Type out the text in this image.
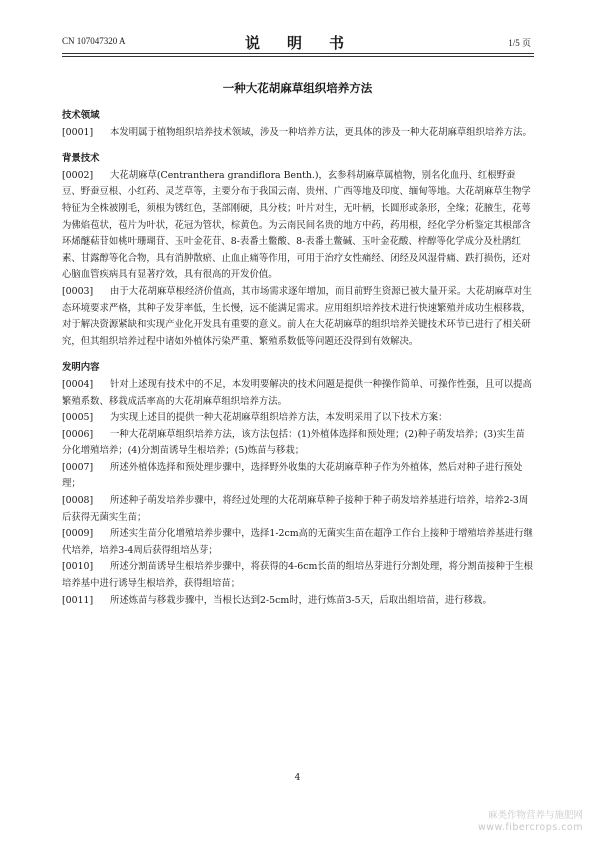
CN 107047320 A	说　明　书	1/5 页
一种大花胡麻草组织培养方法
技术领域

[0001] 本发明属于植物组织培养技术领域，涉及一种培养方法，更具体的涉及一种大花胡麻草组织培养方法。

背景技术

[0002] 大花胡麻草(Centranthera grandiflora Benth.)，玄参科胡麻草属植物，别名化血丹、红根野蚕豆、野蚕豆根、小红药、灵芝草等，主要分布于我国云南、贵州、广西等地及印度、缅甸等地。大花胡麻草生物学特征为全株被刚毛，须根为锈红色，茎部刚硬，具分枝；叶片对生，无叶柄，长圆形或条形，全缘；花腋生，花萼为佛焰苞状，苞片为叶状，花冠为管状，棕黄色。为云南民间名贵的地方中药，药用根，经化学分析鉴定其根部含环烯醚萜苷如桃叶珊瑚苷、玉叶金花苷、8-表番土鳖酸、8-表番土鳖碱、玉叶金花酸、梓醇等化学成分及杜鹃红素、甘露醇等化合物，具有消肿散瘀、止血止痛等作用，可用于治疗女性痛经、闭经及风湿骨痛、跌打损伤，还对心脑血管疾病具有显著疗效，具有很高的开发价值。

[0003] 由于大花胡麻草根经济价值高，其市场需求逐年增加，而目前野生资源已被大量开采。大花胡麻草对生态环境要求严格，其种子发芽率低，生长慢，远不能满足需求。应用组织培养技术进行快速繁殖并成功生根移栽，对于解决资源紧缺和实现产业化开发具有重要的意义。前人在大花胡麻草的组织培养关键技术环节已进行了相关研究，但其组织培养过程中诸如外植体污染严重、繁殖系数低等问题还没得到有效解决。

发明内容

[0004] 针对上述现有技术中的不足，本发明要解决的技术问题是提供一种操作简单、可操作性强，且可以提高繁殖系数、移栽成活率高的大花胡麻草组织培养方法。

[0005] 为实现上述目的提供一种大花胡麻草组织培养方法，本发明采用了以下技术方案：

[0006] 一种大花胡麻草组织培养方法，该方法包括：(1)外植体选择和预处理；(2)种子萌发培养；(3)实生苗分化增殖培养；(4)分割苗诱导生根培养；(5)炼苗与移栽；

[0007] 所述外植体选择和预处理步骤中，选择野外收集的大花胡麻草种子作为外植体，然后对种子进行预处理；

[0008] 所述种子萌发培养步骤中，将经过处理的大花胡麻草种子接种于种子萌发培养基进行培养，培养2-3周后获得无菌实生苗；

[0009] 所述实生苗分化增殖培养步骤中，选择1-2cm高的无菌实生苗在超净工作台上接种于增殖培养基进行继代培养，培养3-4周后获得组培丛芽；

[0010] 所述分割苗诱导生根培养步骤中，将获得的4-6cm长苗的组培丛芽进行分割处理，将分割苗接种于生根培养基中进行诱导生根培养，获得组培苗；

[0011] 所述炼苗与移栽步骤中，当根长达到2-5cm时，进行炼苗3-5天，后取出组培苗，进行移栽。

4
麻类作物营养与施肥网
www.fibercrops.com
